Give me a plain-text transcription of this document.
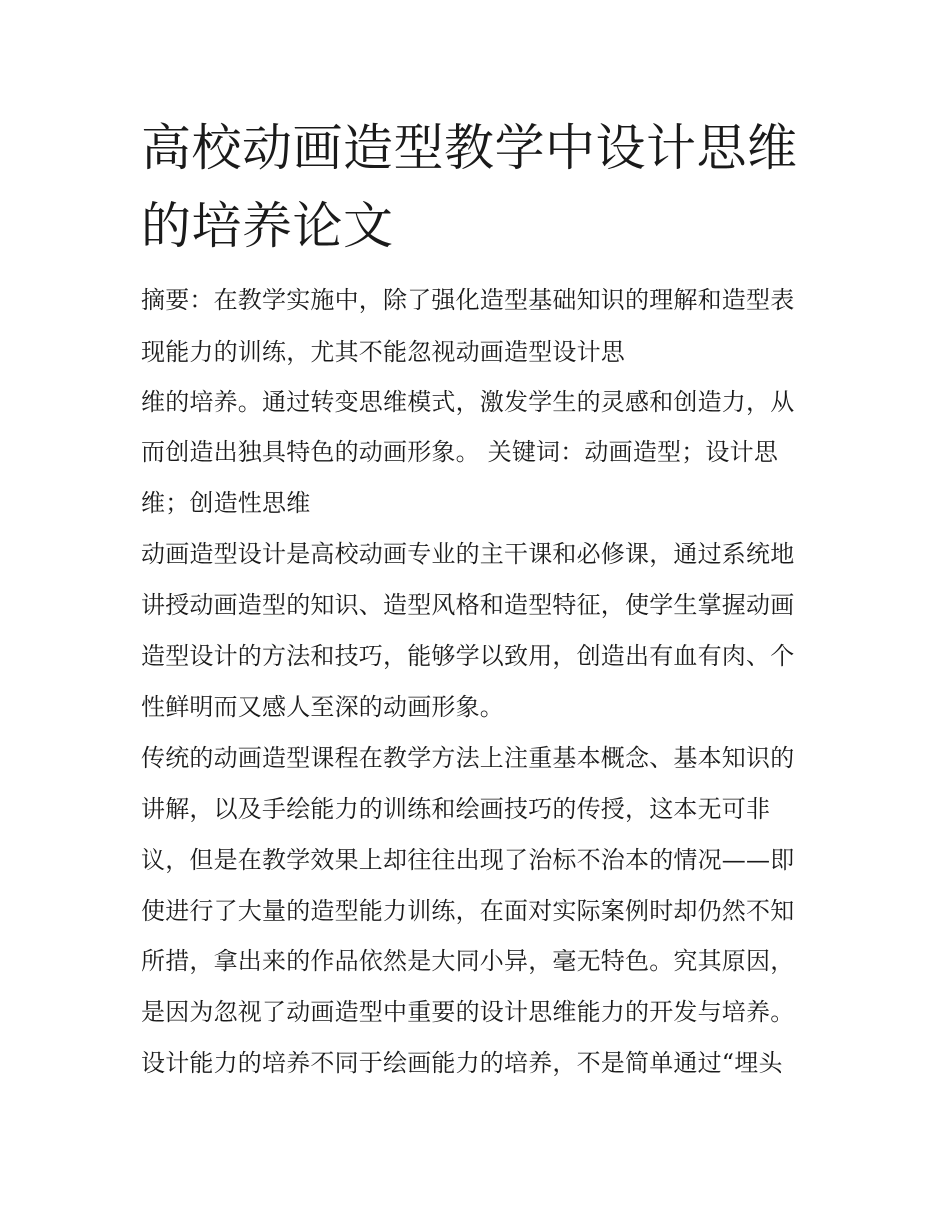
高校动画造型教学中设计思维
的培养论文
摘要：在教学实施中，除了强化造型基础知识的理解和造型表
现能力的训练，尤其不能忽视动画造型设计思
维的培养。通过转变思维模式，激发学生的灵感和创造力，从
而创造出独具特色的动画形象。 关键词：动画造型；设计思
维；创造性思维
动画造型设计是高校动画专业的主干课和必修课，通过系统地
讲授动画造型的知识、造型风格和造型特征，使学生掌握动画
造型设计的方法和技巧，能够学以致用，创造出有血有肉、个
性鲜明而又感人至深的动画形象。
传统的动画造型课程在教学方法上注重基本概念、基本知识的
讲解，以及手绘能力的训练和绘画技巧的传授，这本无可非
议，但是在教学效果上却往往出现了治标不治本的情况——即
使进行了大量的造型能力训练，在面对实际案例时却仍然不知
所措，拿出来的作品依然是大同小异，毫无特色。究其原因，
是因为忽视了动画造型中重要的设计思维能力的开发与培养。
设计能力的培养不同于绘画能力的培养，不是简单通过“埋头
